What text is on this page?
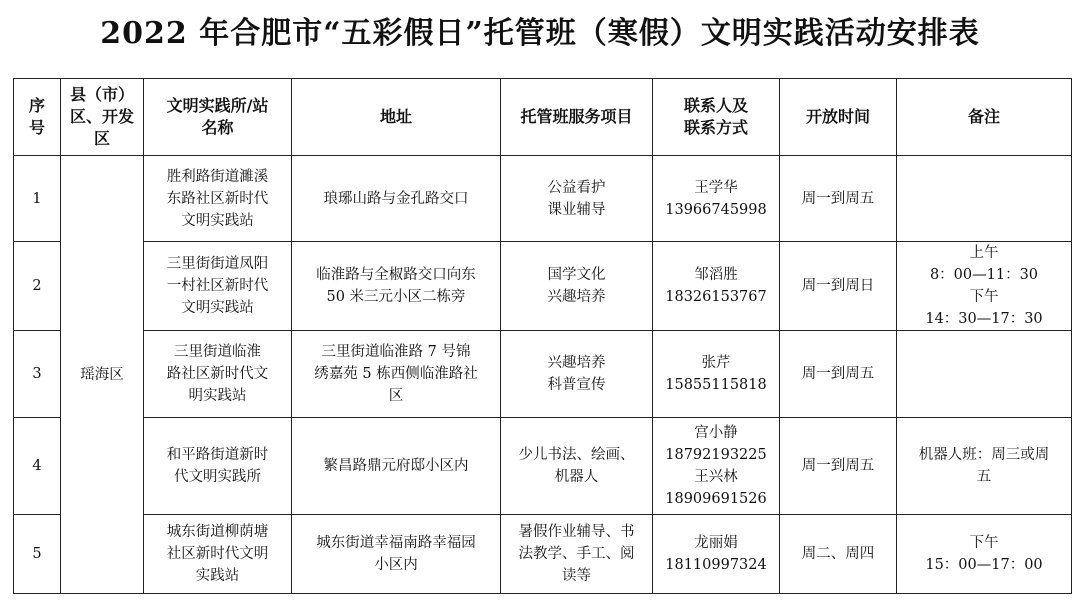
2022 年合肥市“五彩假日”托管班（寒假）文明实践活动安排表
序
号	县（市）
区、开发
区	文明实践所/站
名称	地址	托管班服务项目	联系人及
联系方式	开放时间	备注

1	瑶海区	胜利路街道濉溪
东路社区新时代
文明实践站	琅琊山路与金孔路交口	公益看护
课业辅导	王学华
13966745998	周一到周五	
2		三里街街道凤阳
一村社区新时代
文明实践站	临淮路与全椒路交口向东
50 米三元小区二栋旁	国学文化
兴趣培养	邹滔胜
18326153767	周一到周日	上午
8：00—11：30
下午
14：30—17：30

3		三里街道临淮
路社区新时代文
明实践站	三里街道临淮路 7 号锦
绣嘉苑 5 栋西侧临淮路社
区	兴趣培养
科普宣传	张芹
15855115818	周一到周五	
4		和平路街道新时
代文明实践所	繁昌路鼎元府邸小区内	少儿书法、绘画、
机器人	宫小静
18792193225
王兴林
18909691526	周一到周五	机器人班：周三或周
五

5		城东街道柳荫塘
社区新时代文明
实践站	城东街道幸福南路幸福园
小区内	暑假作业辅导、书
法教学、手工、阅
读等	龙丽娟
18110997324	周二、周四	下午
15：00—17：00
